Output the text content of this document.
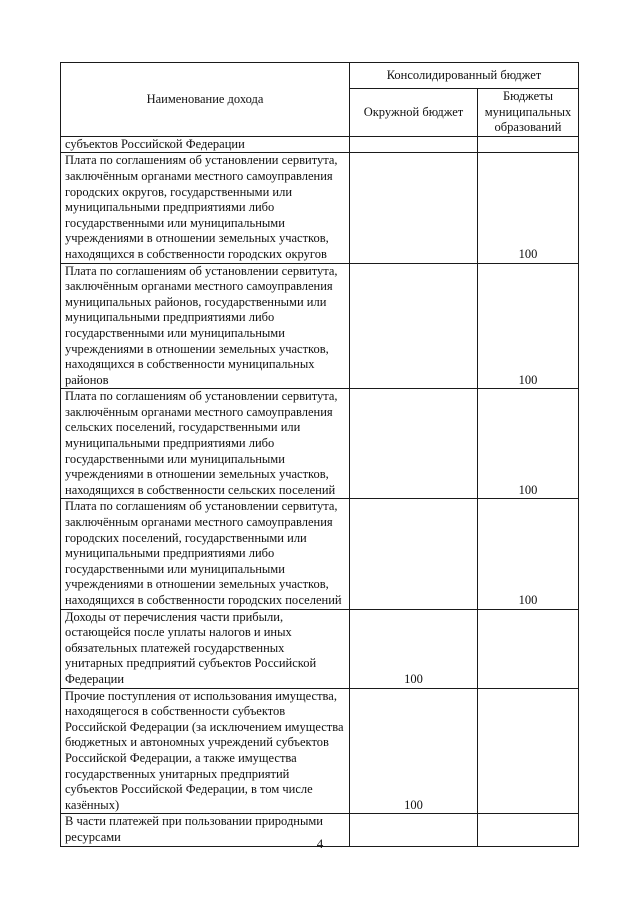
Наименование дохода	Консолидированный бюджет	
	Окружной бюджет	Бюджеты муниципальных образований
субъектов Российской Федерации		
Плата по соглашениям об установлении сервитута, заключённым органами местного самоуправления городских округов, государственными или муниципальными предприятиями либо государственными или муниципальными учреждениями в отношении земельных участков, находящихся в собственности городских округов		100
Плата по соглашениям об установлении сервитута, заключённым органами местного самоуправления муниципальных районов, государственными или муниципальными предприятиями либо государственными или муниципальными учреждениями в отношении земельных участков, находящихся в собственности муниципальных районов		100
Плата по соглашениям об установлении сервитута, заключённым органами местного самоуправления сельских поселений, государственными или муниципальными предприятиями либо государственными или муниципальными учреждениями в отношении земельных участков, находящихся в собственности сельских поселений		100
Плата по соглашениям об установлении сервитута, заключённым органами местного самоуправления городских поселений, государственными или муниципальными предприятиями либо государственными или муниципальными учреждениями в отношении земельных участков, находящихся в собственности городских поселений		100
Доходы от перечисления части прибыли, остающейся после уплаты налогов и иных обязательных платежей государственных унитарных предприятий субъектов Российской Федерации	100	
Прочие поступления от использования имущества, находящегося в собственности субъектов Российской Федерации (за исключением имущества бюджетных и автономных учреждений субъектов Российской Федерации, а также имущества государственных унитарных предприятий субъектов Российской Федерации, в том числе казённых)	100	
В части платежей при пользовании природными ресурсами			4
